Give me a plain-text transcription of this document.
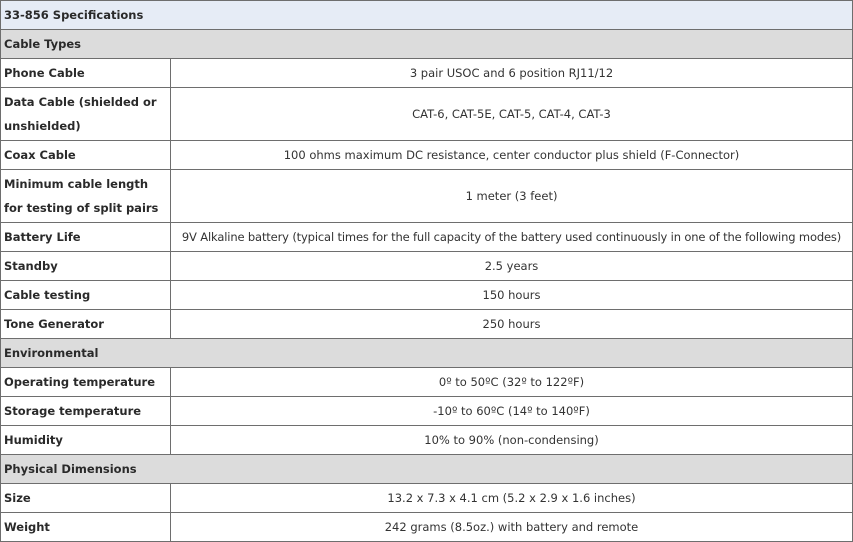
33-856 Specifications	
Cable Types	
Phone Cable	3 pair USOC and 6 position RJ11/12
Data Cable (shielded or unshielded)	CAT-6, CAT-5E, CAT-5, CAT-4, CAT-3
Coax Cable	100 ohms maximum DC resistance, center conductor plus shield (F-Connector)
Minimum cable length for testing of split pairs	1 meter (3 feet)
Battery Life	9V Alkaline battery (typical times for the full capacity of the battery used continuously in one of the following modes)
Standby	2.5 years
Cable testing	150 hours
Tone Generator	250 hours
Environmental	
Operating temperature	0º to 50ºC (32º to 122ºF)
Storage temperature	-10º to 60ºC (14º to 140ºF)
Humidity	10% to 90% (non-condensing)
Physical Dimensions	
Size	13.2 x 7.3 x 4.1 cm (5.2 x 2.9 x 1.6 inches)
Weight	242 grams (8.5oz.) with battery and remote
